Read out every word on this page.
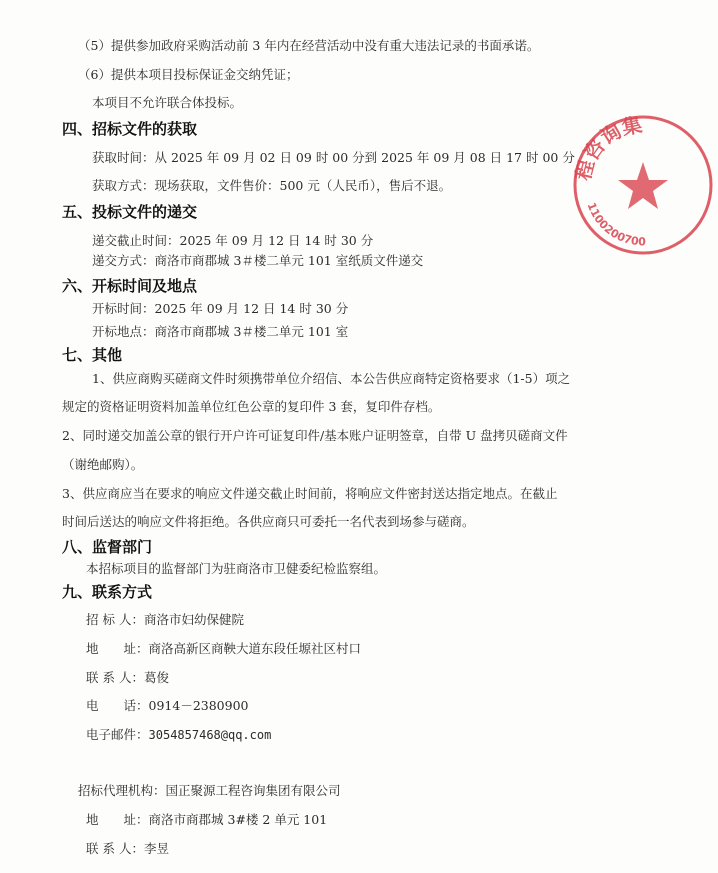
（5）提供参加政府采购活动前 3 年内在经营活动中没有重大违法记录的书面承诺。
（6）提供本项目投标保证金交纳凭证；
本项目不允许联合体投标。
四、招标文件的获取
获取时间：从 2025 年 09 月 02 日 09 时 00 分到 2025 年 09 月 08 日 17 时 00 分
获取方式：现场获取，文件售价：500 元（人民币），售后不退。
五、投标文件的递交
递交截止时间：2025 年 09 月 12 日 14 时 30 分
递交方式：商洛市商郡城 3＃楼二单元 101 室纸质文件递交
六、开标时间及地点
开标时间：2025 年 09 月 12 日 14 时 30 分
开标地点：商洛市商郡城 3＃楼二单元 101 室
七、其他
1、供应商购买磋商文件时须携带单位介绍信、本公告供应商特定资格要求（1-5）项之
规定的资格证明资料加盖单位红色公章的复印件 3 套，复印件存档。
2、同时递交加盖公章的银行开户许可证复印件/基本账户证明签章，自带 U 盘拷贝磋商文件
（谢绝邮购）。
3、供应商应当在要求的响应文件递交截止时间前，将响应文件密封送达指定地点。在截止
时间后送达的响应文件将拒绝。各供应商只可委托一名代表到场参与磋商。
八、监督部门
本招标项目的监督部门为驻商洛市卫健委纪检监察组。
九、联系方式
招 标 人：商洛市妇幼保健院
地　　址：商洛高新区商鞅大道东段任塬社区村口
联 系 人：葛俊
电　　话：0914－2380900
电子邮件：3054857468@qq.com
招标代理机构：国正聚源工程咨询集团有限公司
地　　址：商洛市商郡城 3#楼 2 单元 101
联 系 人：李昱
程咨询集
1100200700
